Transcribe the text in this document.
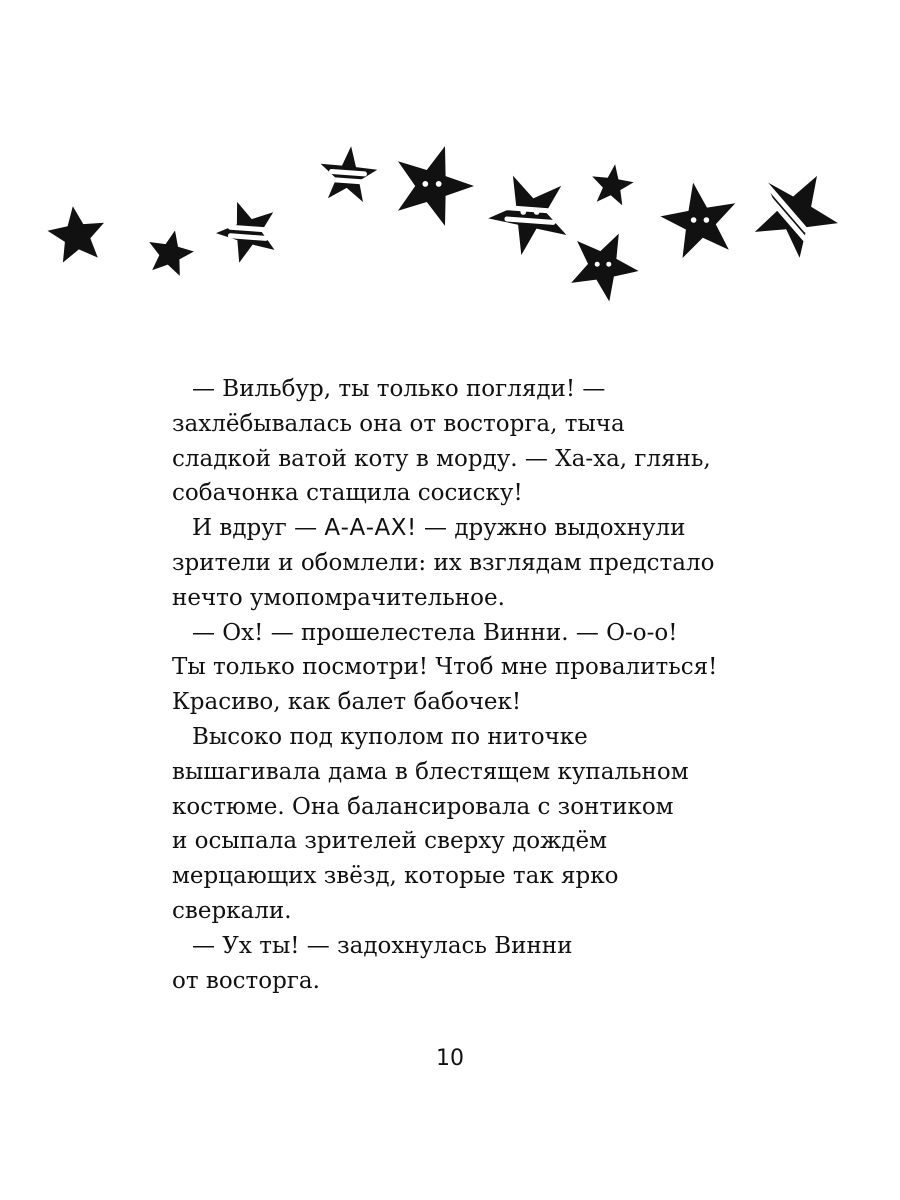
— Вильбур, ты только погляди! —
захлёбывалась она от восторга, тыча
сладкой ватой коту в морду. — Ха-ха, глянь,
собачонка стащила сосиску!
И вдруг — А-А-АХ! — дружно выдохнули
зрители и обомлели: их взглядам предстало
нечто умопомрачительное.
— Ох! — прошелестела Винни. — О-о-о!
Ты только посмотри! Чтоб мне провалиться!
Красиво, как балет бабочек!
Высоко под куполом по ниточке
вышагивала дама в блестящем купальном
костюме. Она балансировала с зонтиком
и осыпала зрителей сверху дождём
мерцающих звёзд, которые так ярко
сверкали.
— Ух ты! — задохнулась Винни
от восторга.
10
